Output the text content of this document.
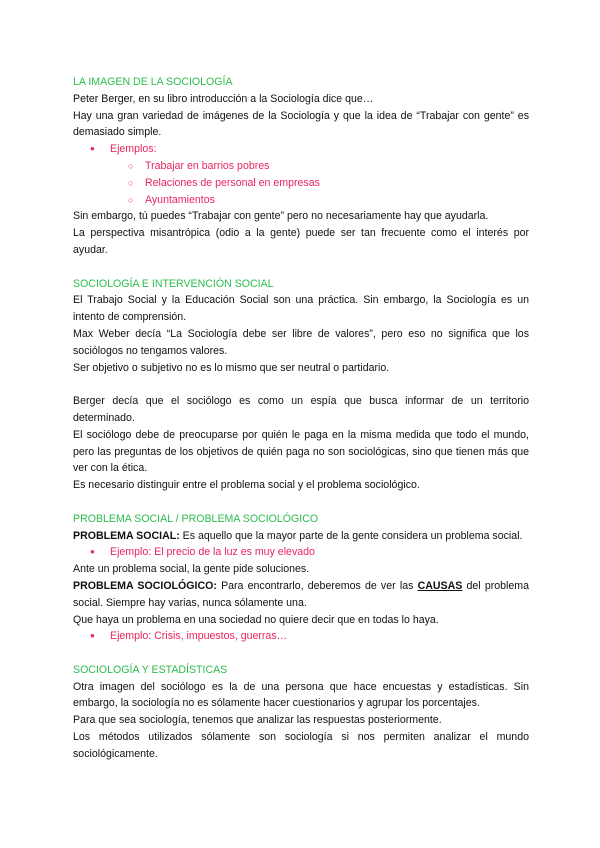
LA IMAGEN DE LA SOCIOLOGÍA
Peter Berger, en su libro introducción a la Sociología dice que…
Hay una gran variedad de imágenes de la Sociología y que la idea de “Trabajar con gente” es demasiado simple.
● Ejemplos:
○ Trabajar en barrios pobres
○ Relaciones de personal en empresas
○ Ayuntamientos
Sin embargo, tú puedes “Trabajar con gente” pero no necesariamente hay que ayudarla.
La perspectiva misantrópica (odio a la gente) puede ser tan frecuente como el interés por ayudar.
SOCIOLOGÍA E INTERVENCIÓN SOCIAL
El Trabajo Social y la Educación Social son una práctica. Sin embargo, la Sociología es un intento de comprensión.
Max Weber decía “La Sociología debe ser libre de valores”, pero eso no significa que los sociólogos no tengamos valores.
Ser objetivo o subjetivo no es lo mismo que ser neutral o partidario.
Berger decía que el sociólogo es como un espía que busca informar de un territorio determinado.
El sociólogo debe de preocuparse por quién le paga en la misma medida que todo el mundo, pero las preguntas de los objetivos de quién paga no son sociológicas, sino que tienen más que ver con la ética.
Es necesario distinguir entre el problema social y el problema sociológico.
PROBLEMA SOCIAL / PROBLEMA SOCIOLÓGICO
PROBLEMA SOCIAL: Es aquello que la mayor parte de la gente considera un problema social.
● Ejemplo: El precio de la luz es muy elevado
Ante un problema social, la gente pide soluciones.
PROBLEMA SOCIOLÓGICO: Para encontrarlo, deberemos de ver las CAUSAS del problema social. Siempre hay varias, nunca sólamente una.
Que haya un problema en una sociedad no quiere decir que en todas lo haya.
● Ejemplo: Crisis, impuestos, guerras…
SOCIOLOGÍA Y ESTADÍSTICAS
Otra imagen del sociólogo es la de una persona que hace encuestas y estadísticas. Sin embargo, la sociología no es sólamente hacer cuestionarios y agrupar los porcentajes.
Para que sea sociología, tenemos que analizar las respuestas posteriormente.
Los métodos utilizados sólamente son sociología si nos permiten analizar el mundo sociológicamente.
